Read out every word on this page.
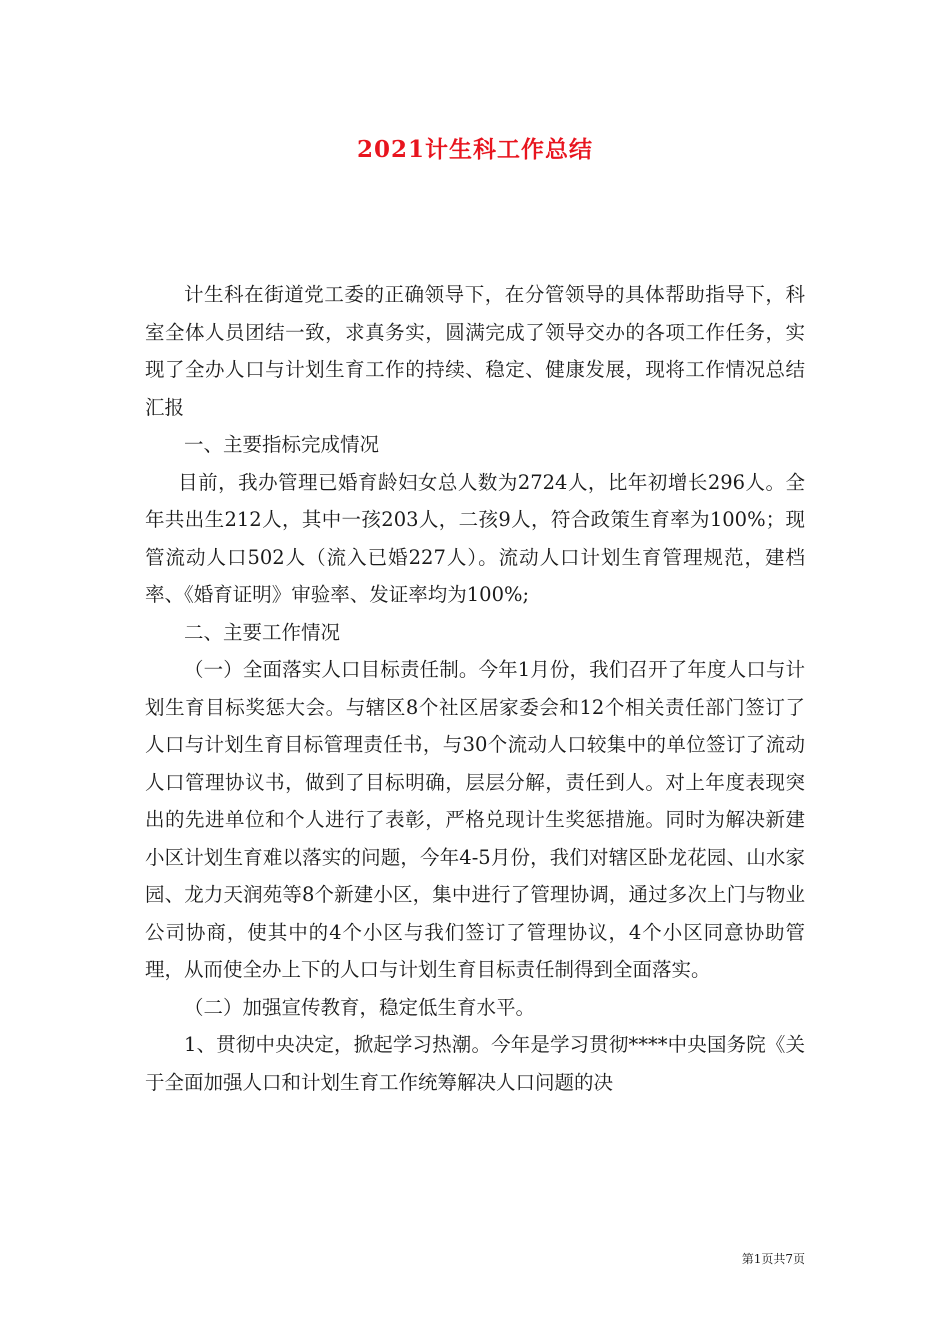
2021计生科工作总结

计生科在街道党工委的正确领导下，在分管领导的具体帮助指导下，科室全体人员团结一致，求真务实，圆满完成了领导交办的各项工作任务，实现了全办人口与计划生育工作的持续、稳定、健康发展，现将工作情况总结汇报

一、主要指标完成情况

目前，我办管理已婚育龄妇女总人数为2724人，比年初增长296人。全年共出生212人，其中一孩203人，二孩9人，符合政策生育率为100%；现管流动人口502人（流入已婚227人）。流动人口计划生育管理规范，建档率、《婚育证明》审验率、发证率均为100%;

二、主要工作情况

（一）全面落实人口目标责任制。今年1月份，我们召开了年度人口与计划生育目标奖惩大会。与辖区8个社区居家委会和12个相关责任部门签订了人口与计划生育目标管理责任书，与30个流动人口较集中的单位签订了流动人口管理协议书，做到了目标明确，层层分解，责任到人。对上年度表现突出的先进单位和个人进行了表彰，严格兑现计生奖惩措施。同时为解决新建小区计划生育难以落实的问题，今年4-5月份，我们对辖区卧龙花园、山水家园、龙力天润苑等8个新建小区，集中进行了管理协调，通过多次上门与物业公司协商，使其中的4个小区与我们签订了管理协议，4个小区同意协助管理，从而使全办上下的人口与计划生育目标责任制得到全面落实。

（二）加强宣传教育，稳定低生育水平。

1、贯彻中央决定，掀起学习热潮。今年是学习贯彻****中央国务院《关于全面加强人口和计划生育工作统筹解决人口问题的决

第1页共7页
